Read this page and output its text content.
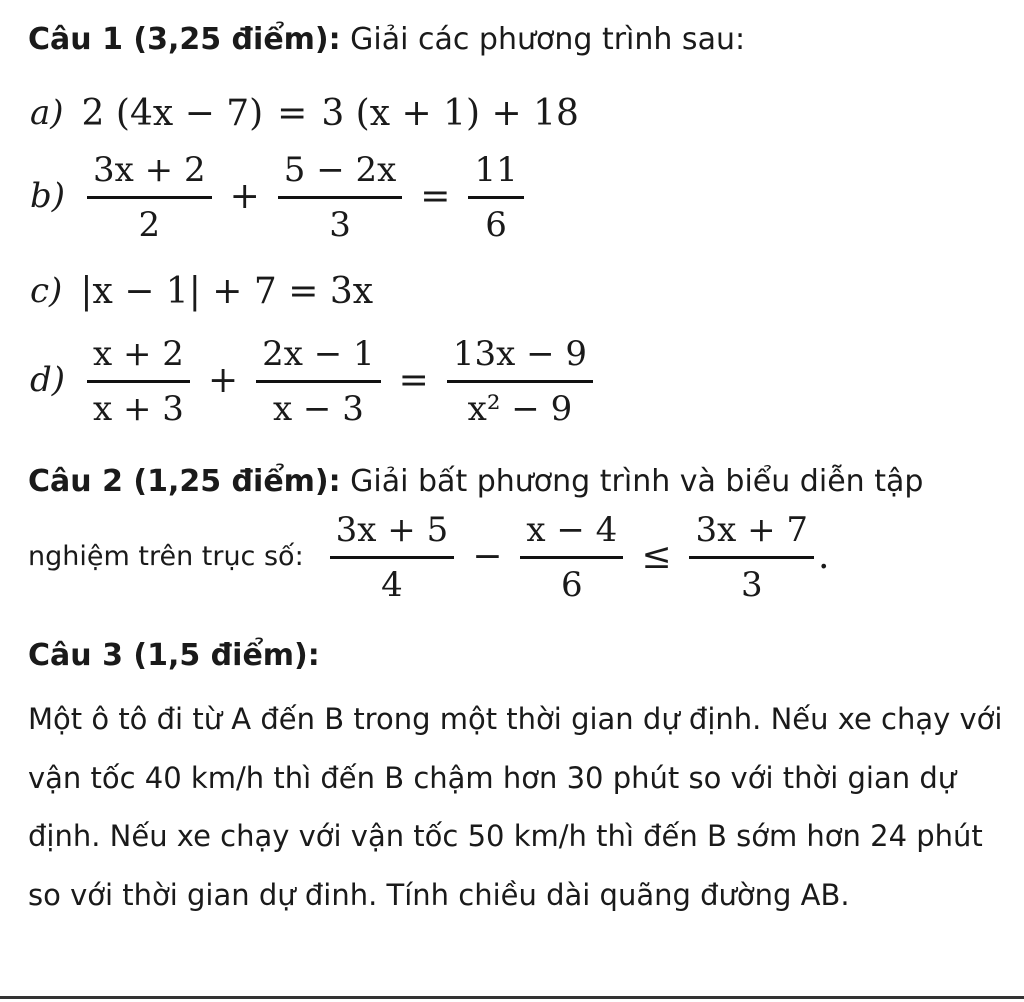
Câu 1 (3,25 điểm): Giải các phương trình sau:
a) 2 (4x − 7) = 3 (x + 1) + 18
$b) \frac{3x + 2}{2} + \frac{5 - 2x}{3} = \frac{11}{6}$
c) |x − 1| + 7 = 3x
$d) \frac{x + 2}{x + 3} + \frac{2x - 1}{x - 3} = \frac{13x - 9}{\text{x² − 9}}$
Câu 2 (1,25 điểm): Giải bất phương trình và biểu diễn tập
nghiệm trên trục số: $\frac{3x + 5}{4} - \frac{x - 4}{6} \le \frac{3x + 7}{3}$ .
Câu 3 (1,5 điểm):
Một ô tô đi từ A đến B trong một thời gian dự định. Nếu xe chạy với vận tốc 40 km/h thì đến B chậm hơn 30 phút so với thời gian dự định. Nếu xe chạy với vận tốc 50 km/h thì đến B sớm hơn 24 phút so với thời gian dự đinh. Tính chiều dài quãng đường AB.
